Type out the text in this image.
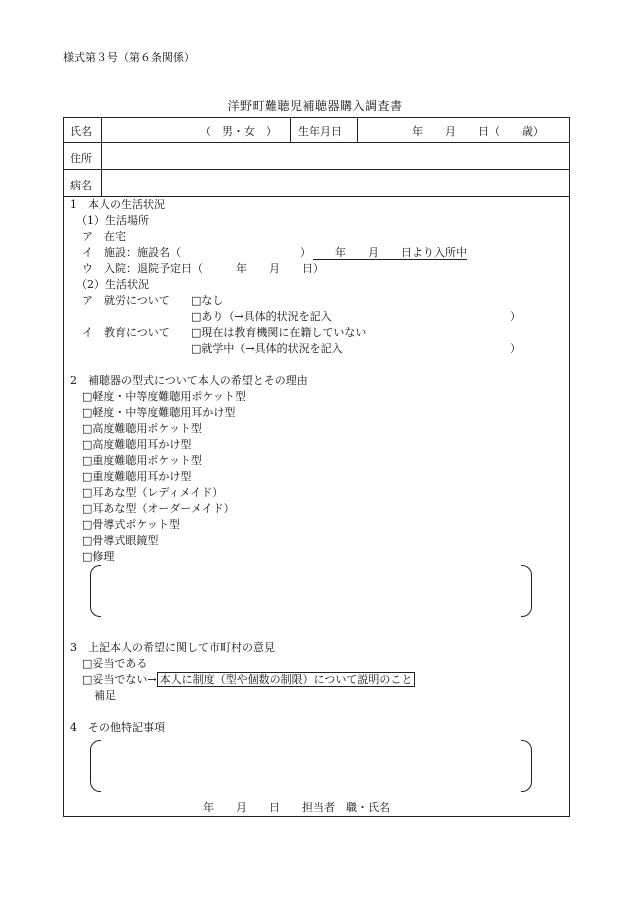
様式第３号（第６条関係）
洋野町難聴児補聴器購入調査書
氏名	（　男・女　） 生年月日	年　　月　　日（　　歳）
住所
病名
1　本人の生活状況
（1）生活場所
ア　在宅
イ　施設：施設名（	） 　　年　　月　　日より入所中
ウ　入院：退院予定日（　　　年　　月　　日）
（2）生活状況
ア　就労について □なし
□あり（→具体的状況を記入	）
イ　教育について □現在は教育機関に在籍していない
□就学中（→具体的状況を記入	）
2　補聴器の型式について本人の希望とその理由
□軽度・中等度難聴用ポケット型
□軽度・中等度難聴用耳かけ型
□高度難聴用ポケット型
□高度難聴用耳かけ型
□重度難聴用ポケット型
□重度難聴用耳かけ型
□耳あな型（レディメイド）
□耳あな型（オーダーメイド）
□骨導式ポケット型
□骨導式眼鏡型
□修理
3　上記本人の希望に関して市町村の意見
□妥当である
□妥当でない→ 本人に制度（型や個数の制限）について説明のこと
補足
4　その他特記事項
年　　月　　日　　担当者　職・氏名
